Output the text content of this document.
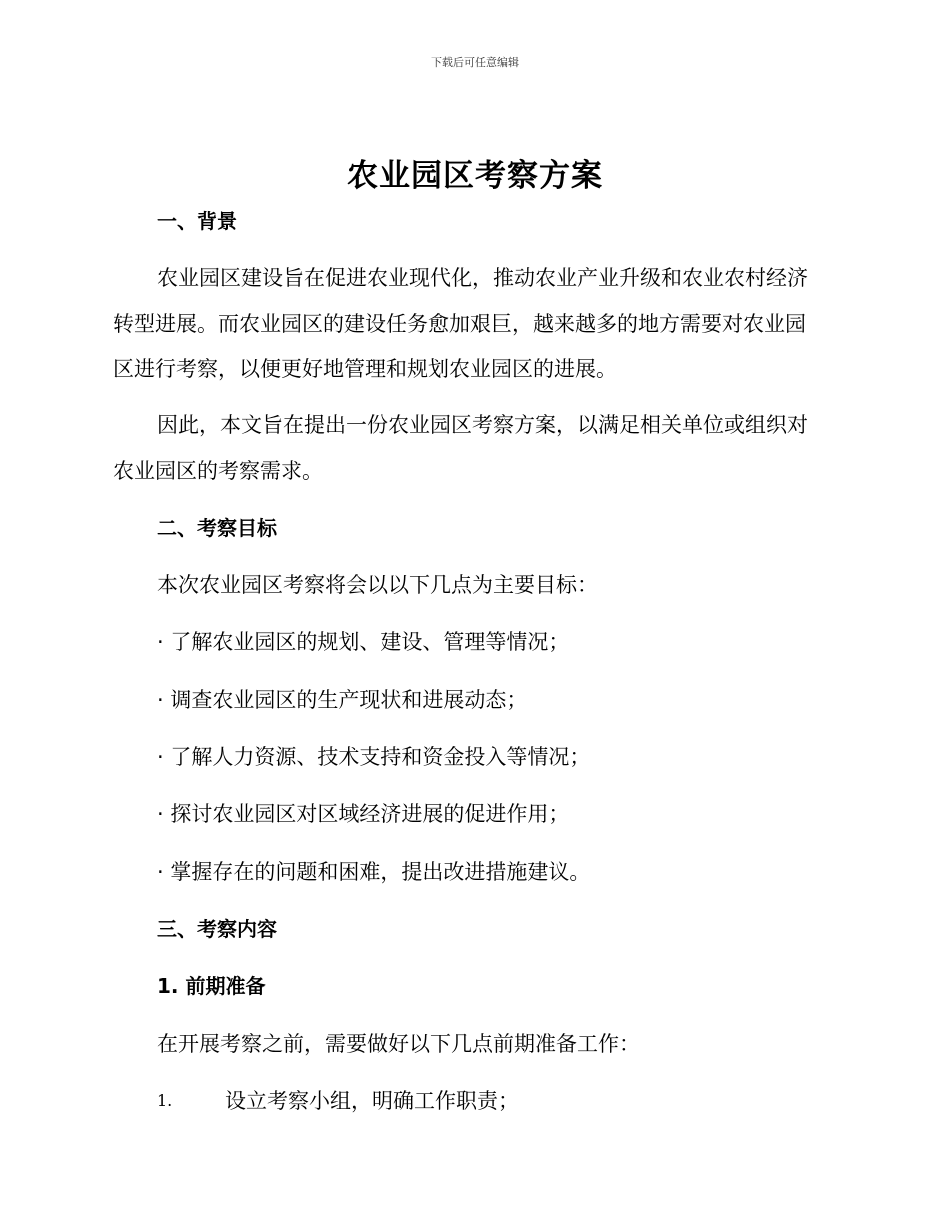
下载后可任意编辑
农业园区考察方案
一、背景
农业园区建设旨在促进农业现代化，推动农业产业升级和农业农村经济
转型进展。而农业园区的建设任务愈加艰巨，越来越多的地方需要对农业园
区进行考察，以便更好地管理和规划农业园区的进展。
因此，本文旨在提出一份农业园区考察方案，以满足相关单位或组织对
农业园区的考察需求。
二、考察目标
本次农业园区考察将会以以下几点为主要目标：
· 了解农业园区的规划、建设、管理等情况；
· 调查农业园区的生产现状和进展动态；
· 了解人力资源、技术支持和资金投入等情况；
· 探讨农业园区对区域经济进展的促进作用；
· 掌握存在的问题和困难，提出改进措施建议。
三、考察内容
1. 前期准备
在开展考察之前，需要做好以下几点前期准备工作：
1.	设立考察小组，明确工作职责；
